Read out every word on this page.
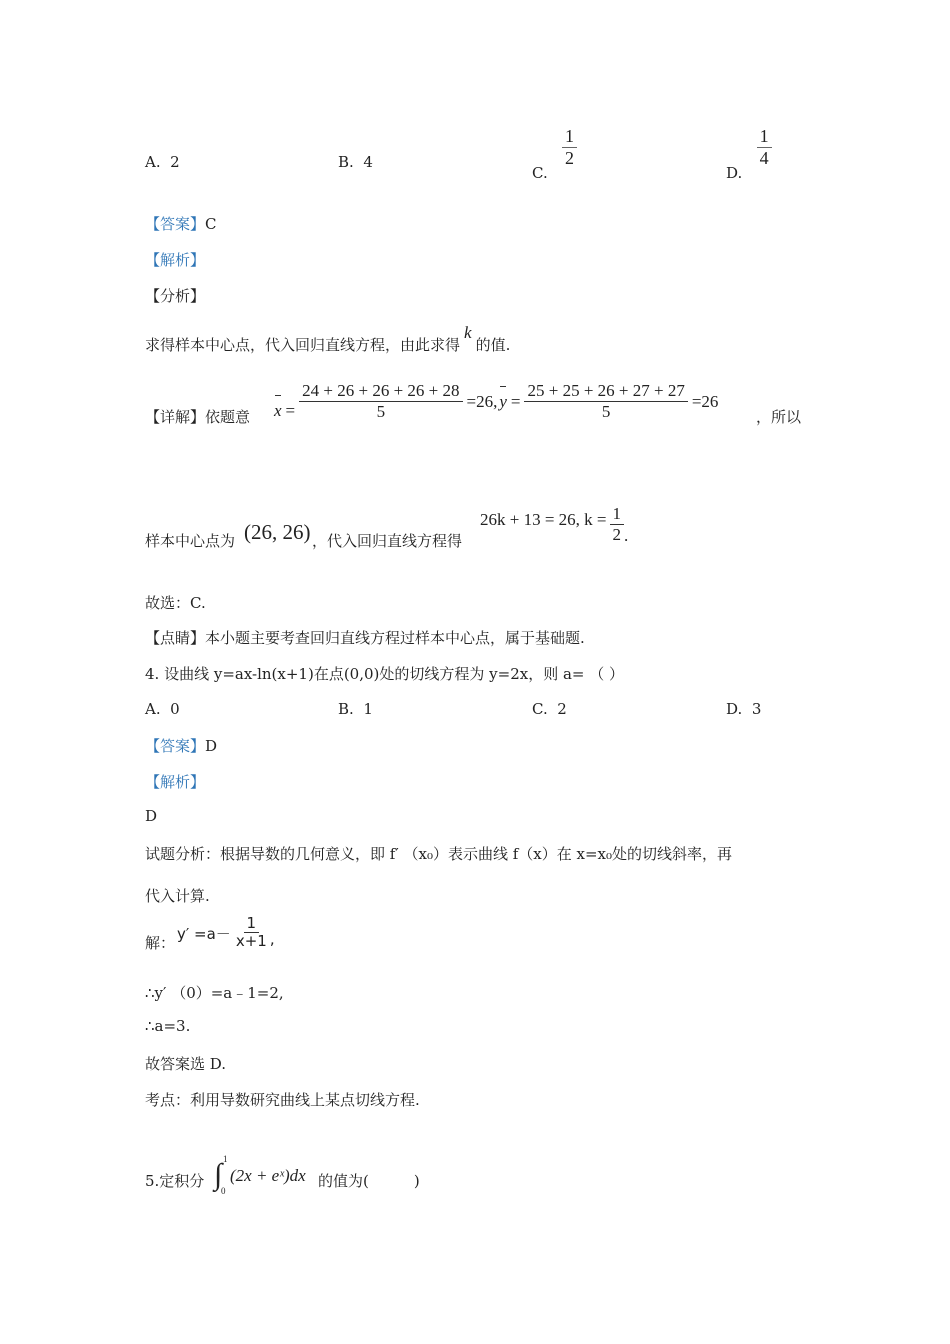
A. 2	B. 4
C.
$\frac{1}{2}$
D.
$\frac{1}{4}$
【答案】C
【解析】
【分析】
求得样本中心点，代入回归直线方程，由此求得k的值.
【详解】依题意 $x = \frac{24 + 26 + 26 + 26 + 28}{5} =26$, $y = \frac{25 + 25 + 26 + 27 + 27}{5} =26$
，所以
样本中心点为 (26, 26) ，代入回归直线方程得
26k + 13 = 26, $k = \frac{1}{2}$ .
故选：C.
【点睛】本小题主要考查回归直线方程过样本中心点，属于基础题.
4. 设曲线 y=ax-ln(x+1)在点(0,0)处的切线方程为 y=2x，则 a= （ ）
A. 0	B. 1	C. 2	D. 3
【答案】D
【解析】
D
试题分析：根据导数的几何意义，即 f′ （x₀）表示曲线 f（x）在 x=x₀处的切线斜率，再
代入计算.
解： $y' =a- \frac{1}{x+1}$ ,
∴y′ （0）=a﹣1=2,
∴a=3.
故答案选 D.
考点：利用导数研究曲线上某点切线方程.
5.定积分 ∫ 1
0
(2x + eˣ)dx 的值为(　　　)
